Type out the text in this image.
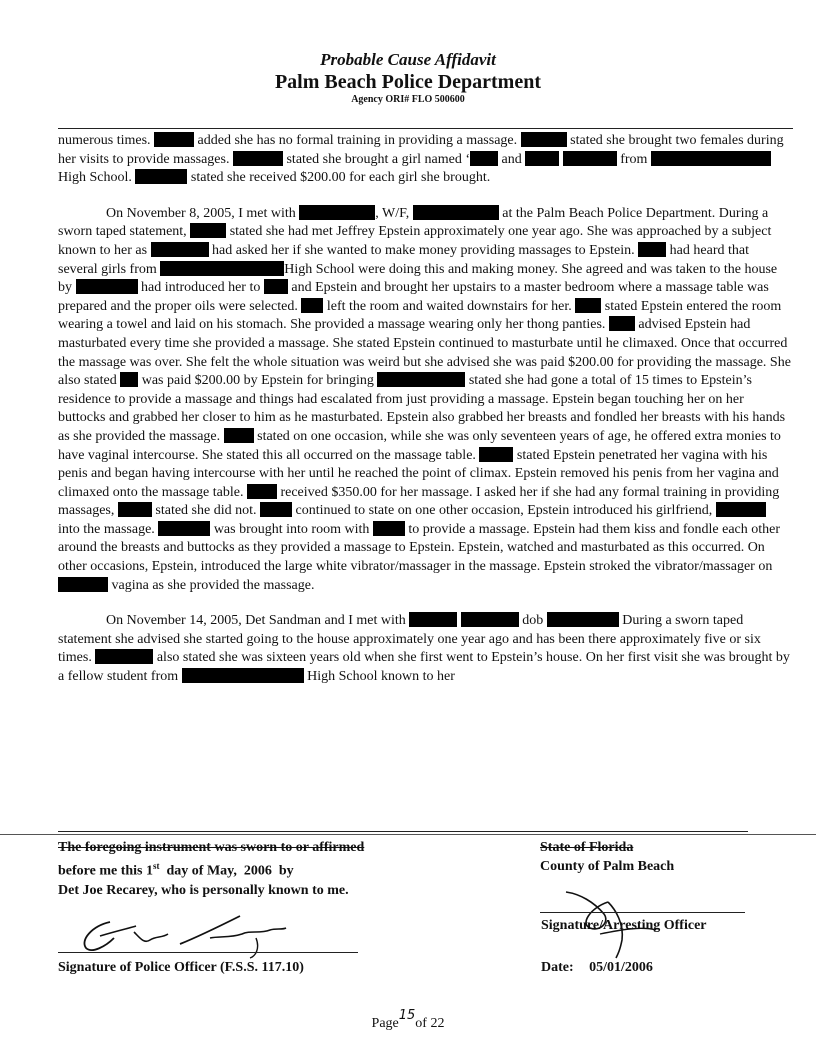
Probable Cause Affidavit
Palm Beach Police Department
Agency ORI# FLO 500600

numerous times.	added she has no formal training in providing a massage.	stated she brought two females during her visits to provide massages.	stated she brought a girl named ‘ and	from  High School.	stated she received $200.00 for each girl she brought.

On November 8, 2005, I met with	, W/F,	at the Palm Beach Police Department. During a sworn taped statement,	stated she had met Jeffrey Epstein approximately one year ago. She was approached by a subject known to her as	had asked her if she wanted to make money providing massages to Epstein.	had heard that several girls from	High School were doing this and making money. She agreed and was taken to the house by	had introduced her to and Epstein and brought her upstairs to a master bedroom where a massage table was prepared and the proper oils were selected. left the room and waited downstairs for her. stated Epstein entered the room wearing a towel and laid on his stomach. She provided a massage wearing only her thong panties. advised Epstein had masturbated every time she provided a massage. She stated Epstein continued to masturbate until he climaxed. Once that occurred the massage was over. She felt the whole situation was weird but she advised she was paid $200.00 for providing the massage. She also stated was paid $200.00 by Epstein for bringing	stated she had gone a total of 15 times to Epstein’s residence to provide a massage and things had escalated from just providing a massage. Epstein began touching her on her buttocks and grabbed her closer to him as he masturbated. Epstein also grabbed her breasts and fondled her breasts with his hands as she provided the massage.	stated on one occasion, while she was only seventeen years of age, he offered extra monies to have vaginal intercourse. She stated this all occurred on the massage table.	stated Epstein penetrated her vagina with his penis and began having intercourse with her until he reached the point of climax. Epstein removed his penis from her vagina and climaxed onto the massage table.	received $350.00 for her massage. I asked her if she had any formal training in providing massages,	stated she did not.	continued to state on one other occasion, Epstein introduced his girlfriend,  into the massage.	was brought into room with	to provide a massage. Epstein had them kiss and fondle each other around the breasts and buttocks as they provided a massage to Epstein. Epstein, watched and masturbated as this occurred. On other occasions, Epstein, introduced the large white vibrator/massager in the massage. Epstein stroked the vibrator/massager on  vagina as she provided the massage.

On November 14, 2005, Det Sandman and I met with	dob	During a sworn taped statement she advised she started going to the house approximately one year ago and has been there approximately five or six times.	also stated she was sixteen years old when she first went to Epstein’s house. On her first visit she was brought by a fellow student from	High School known to her

The foregoing instrument was sworn to or affirmed
before me this 1st  day of May,  2006  by
Det Joe Recarey, who is personally known to me.
State of Florida
County of Palm Beach
Signature of Police Officer (F.S.S. 117.10)
Signature/Arresting Officer
Date: 05/01/2006
Page15of 22
